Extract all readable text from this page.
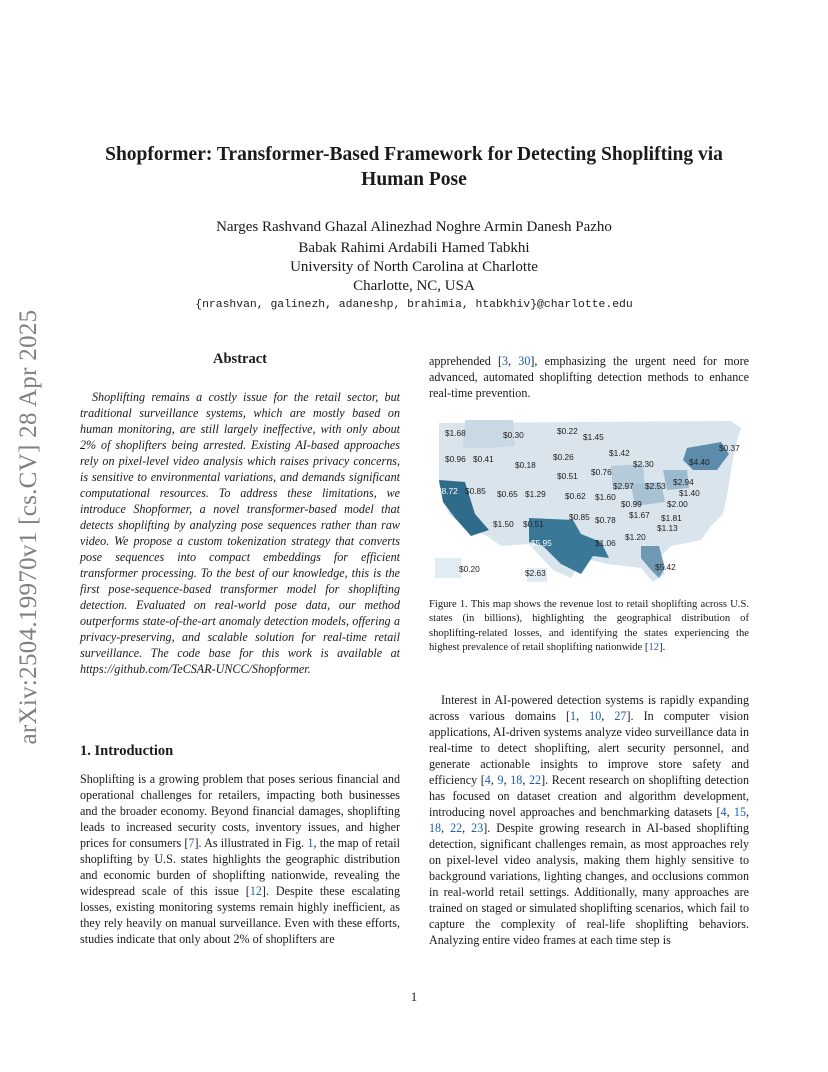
arXiv:2504.19970v1 [cs.CV] 28 Apr 2025
Shopformer: Transformer-Based Framework for Detecting Shoplifting via
Human Pose
Narges Rashvand Ghazal Alinezhad Noghre Armin Danesh Pazho
Babak Rahimi Ardabili Hamed Tabkhi
University of North Carolina at Charlotte
Charlotte, NC, USA
{nrashvan, galinezh, adaneshp, brahimia, htabkhiv}@charlotte.edu
Abstract
Shoplifting remains a costly issue for the retail sector, but traditional surveillance systems, which are mostly based on human monitoring, are still largely ineffective, with only about 2% of shoplifters being arrested. Existing AI-based approaches rely on pixel-level video analysis which raises privacy concerns, is sensitive to environmental variations, and demands significant computational resources. To address these limitations, we introduce Shopformer, a novel transformer-based model that detects shoplifting by analyzing pose sequences rather than raw video. We propose a custom tokenization strategy that converts pose sequences into compact embeddings for efficient transformer processing. To the best of our knowledge, this is the first pose-sequence-based transformer model for shoplifting detection. Evaluated on real-world pose data, our method outperforms state-of-the-art anomaly detection models, offering a privacy-preserving, and scalable solution for real-time retail surveillance. The code base for this work is available at https://github.com/TeCSAR-UNCC/Shopformer.
1. Introduction
Shoplifting is a growing problem that poses serious financial and operational challenges for retailers, impacting both businesses and the broader economy. Beyond financial damages, shoplifting leads to increased security costs, inventory issues, and higher prices for consumers [7]. As illustrated in Fig. 1, the map of retail shoplifting by U.S. states highlights the geographic distribution and economic burden of shoplifting nationwide, revealing the widespread scale of this issue [12]. Despite these escalating losses, existing monitoring systems remain highly inefficient, as they rely heavily on manual surveillance. Even with these efforts, studies indicate that only about 2% of shoplifters are
apprehended [3, 30], emphasizing the urgent need for more advanced, automated shoplifting detection methods to enhance real-time prevention.
$1.68	$0.30	$0.22
$1.45
$0.37
$0.96 $0.41	$0.26	$1.42
$0.18	$2.30	$4.40
$0.51 $0.76
$8.72 $0.85 $0.65 $1.29 $0.62 $1.60
$2.97 $2.53 $2.94
$1.40
$0.99	$2.00
$0.85 $0.78 $1.67 $1.81
$1.50 $0.51	$1.13
$1.20
$5.95	$1.06
$0.20	$2.63
$5.42
Figure 1. This map shows the revenue lost to retail shoplifting across U.S. states (in billions), highlighting the geographical distribution of shoplifting-related losses, and identifying the states experiencing the highest prevalence of retail shoplifting nationwide [12].
Interest in AI-powered detection systems is rapidly expanding across various domains [1, 10, 27]. In computer vision applications, AI-driven systems analyze video surveillance data in real-time to detect shoplifting, alert security personnel, and generate actionable insights to improve store safety and efficiency [4, 9, 18, 22]. Recent research on shoplifting detection has focused on dataset creation and algorithm development, introducing novel approaches and benchmarking datasets [4, 15, 18, 22, 23]. Despite growing research in AI-based shoplifting detection, significant challenges remain, as most approaches rely on pixel-level video analysis, making them highly sensitive to background variations, lighting changes, and occlusions common in real-world retail settings. Additionally, many approaches are trained on staged or simulated shoplifting scenarios, which fail to capture the complexity of real-life shoplifting behaviors. Analyzing entire video frames at each time step is
1
